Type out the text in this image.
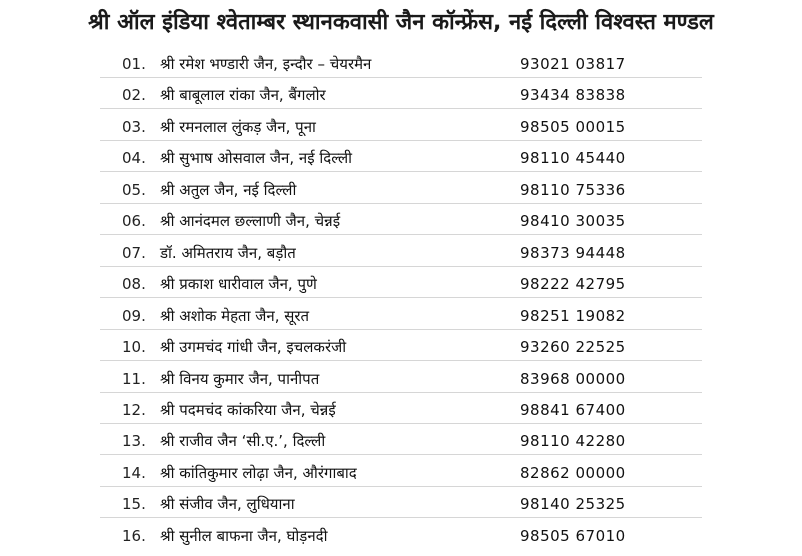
श्री ऑल इंडिया श्वेताम्बर स्थानकवासी जैन कॉन्फ्रेंस, नई दिल्ली विश्वस्त मण्डल
01. श्री रमेश भण्डारी जैन, इन्दौर – चेयरमैन	93021 03817
02. श्री बाबूलाल रांका जैन, बैंगलोर	93434 83838
03. श्री रमनलाल लुंकड़ जैन, पूना	98505 00015
04. श्री सुभाष ओसवाल जैन, नई दिल्ली	98110 45440
05. श्री अतुल जैन, नई दिल्ली	98110 75336
06. श्री आनंदमल छल्लाणी जैन, चेन्नई	98410 30035
07. डॉ. अमितराय जैन, बड़ौत	98373 94448
08. श्री प्रकाश धारीवाल जैन, पुणे	98222 42795
09. श्री अशोक मेहता जैन, सूरत	98251 19082
10. श्री उगमचंद गांधी जैन, इचलकरंजी	93260 22525
11. श्री विनय कुमार जैन, पानीपत	83968 00000
12. श्री पदमचंद कांकरिया जैन, चेन्नई	98841 67400
13. श्री राजीव जैन ‘सी.ए.’, दिल्ली	98110 42280
14. श्री कांतिकुमार लोढ़ा जैन, औरंगाबाद	82862 00000
15. श्री संजीव जैन, लुधियाना	98140 25325
16. श्री सुनील बाफना जैन, घोड़नदी	98505 67010
